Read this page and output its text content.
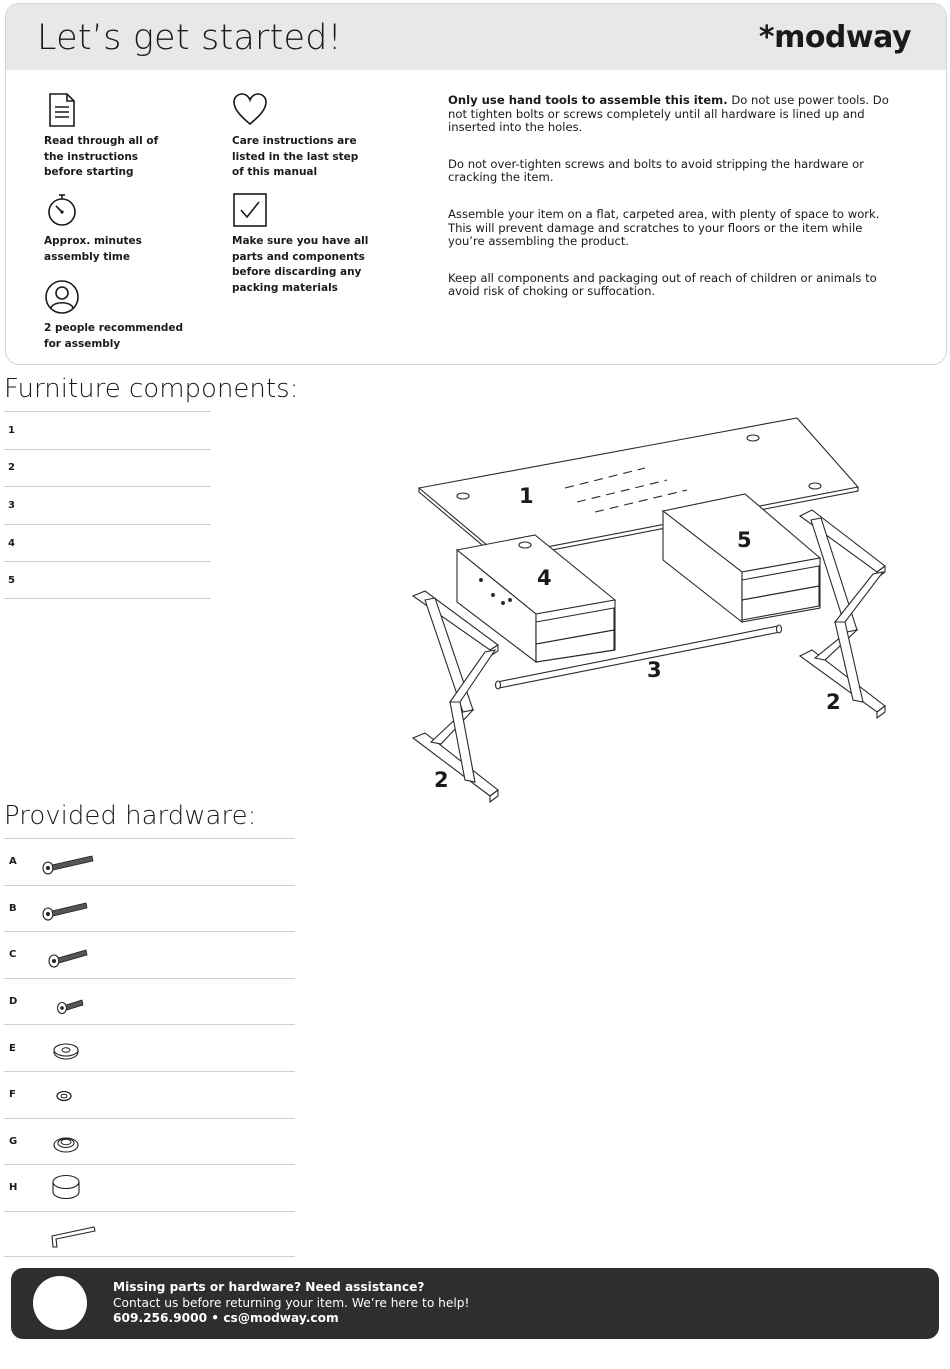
Let’s get started!	*modway
Read through all of
the instructions
before starting
Approx. minutes
assembly time
2 people recommended
for assembly
Care instructions are
listed in the last step
of this manual
Make sure you have all
parts and components
before discarding any
packing materials

Only use hand tools to assemble this item. Do not use power tools. Do not tighten bolts or screws completely until all hardware is lined up and inserted into the holes.

Do not over-tighten screws and bolts to avoid stripping the hardware or cracking the item.

Assemble your item on a flat, carpeted area, with plenty of space to work. This will prevent damage and scratches to your floors or the item while you’re assembling the product.

Keep all components and packaging out of reach of children or animals to avoid risk of choking or suffocation.

Furniture components:
1
2
3
4
5
1
4
5
3
2
2
Provided hardware:
A
B
C
D
E
F
G
H
Missing parts or hardware? Need assistance?
Contact us before returning your item. We’re here to help!
609.256.9000 • cs@modway.com
